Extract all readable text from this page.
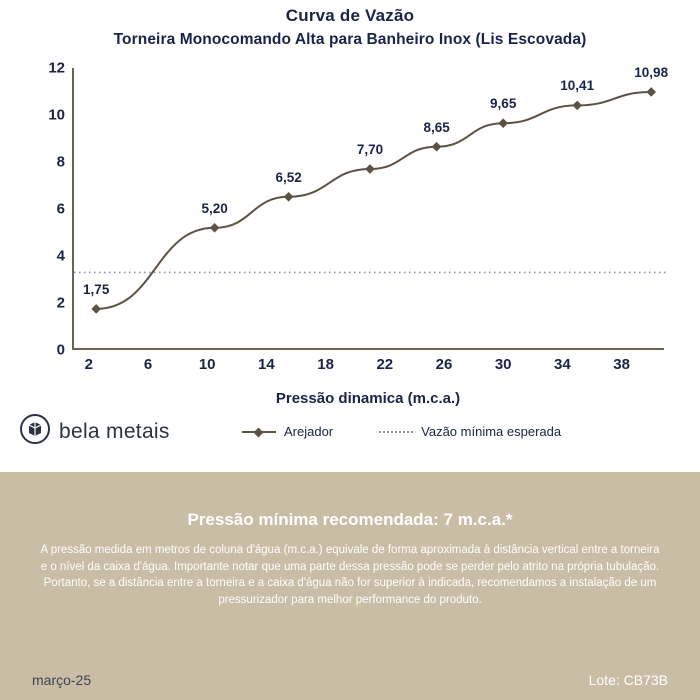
Curva de Vazão
Torneira Monocomando Alta para Banheiro Inox (Lis Escovada)
0
2
4
6
8
10
12
2	6	10	14	18	22	26	30	34	38
1,75
5,20
6,52
7,70
8,65
9,65
10,41
10,98
Pressão dinamica (m.c.a.)
bela metais	Arejador	Vazão mínima esperada
Pressão mínima recomendada: 7 m.c.a.*
A pressão medida em metros de coluna d'água (m.c.a.) equivale de forma aproximada à distância vertical entre a torneira e o nível da caixa d'água. Importante notar que uma parte dessa pressão pode se perder pelo atrito na própria tubulação. Portanto, se a distância entre a torneira e a caixa d'água não for superior à indicada, recomendamos a instalação de um pressurizador para melhor performance do produto.
março-25	Lote: CB73B
